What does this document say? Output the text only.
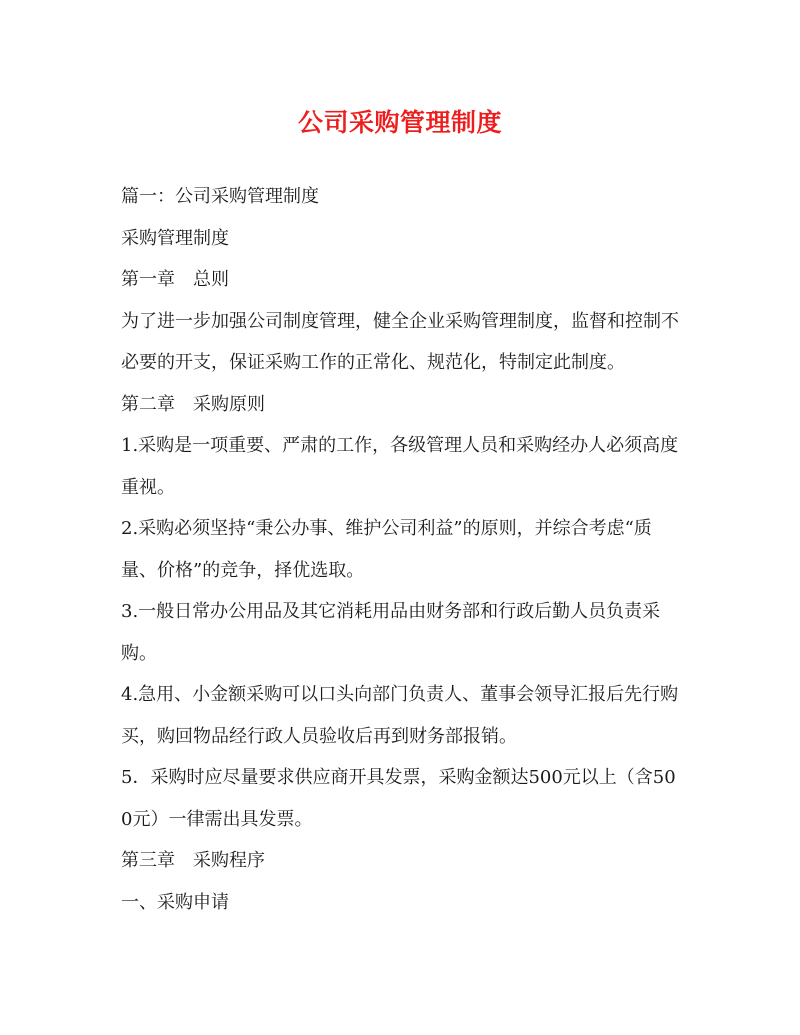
公司采购管理制度

篇一：公司采购管理制度

采购管理制度

第一章　总则

为了进一步加强公司制度管理，健全企业采购管理制度，监督和控制不必要的开支，保证采购工作的正常化、规范化，特制定此制度。

第二章　采购原则

1.采购是一项重要、严肃的工作，各级管理人员和采购经办人必须高度重视。

2.采购必须坚持“秉公办事、维护公司利益”的原则，并综合考虑“质量、价格”的竞争，择优选取。

3.一般日常办公用品及其它消耗用品由财务部和行政后勤人员负责采购。

4.急用、小金额采购可以口头向部门负责人、董事会领导汇报后先行购买，购回物品经行政人员验收后再到财务部报销。

5．采购时应尽量要求供应商开具发票，采购金额达500元以上（含500元）一律需出具发票。

第三章　采购程序

一、采购申请
